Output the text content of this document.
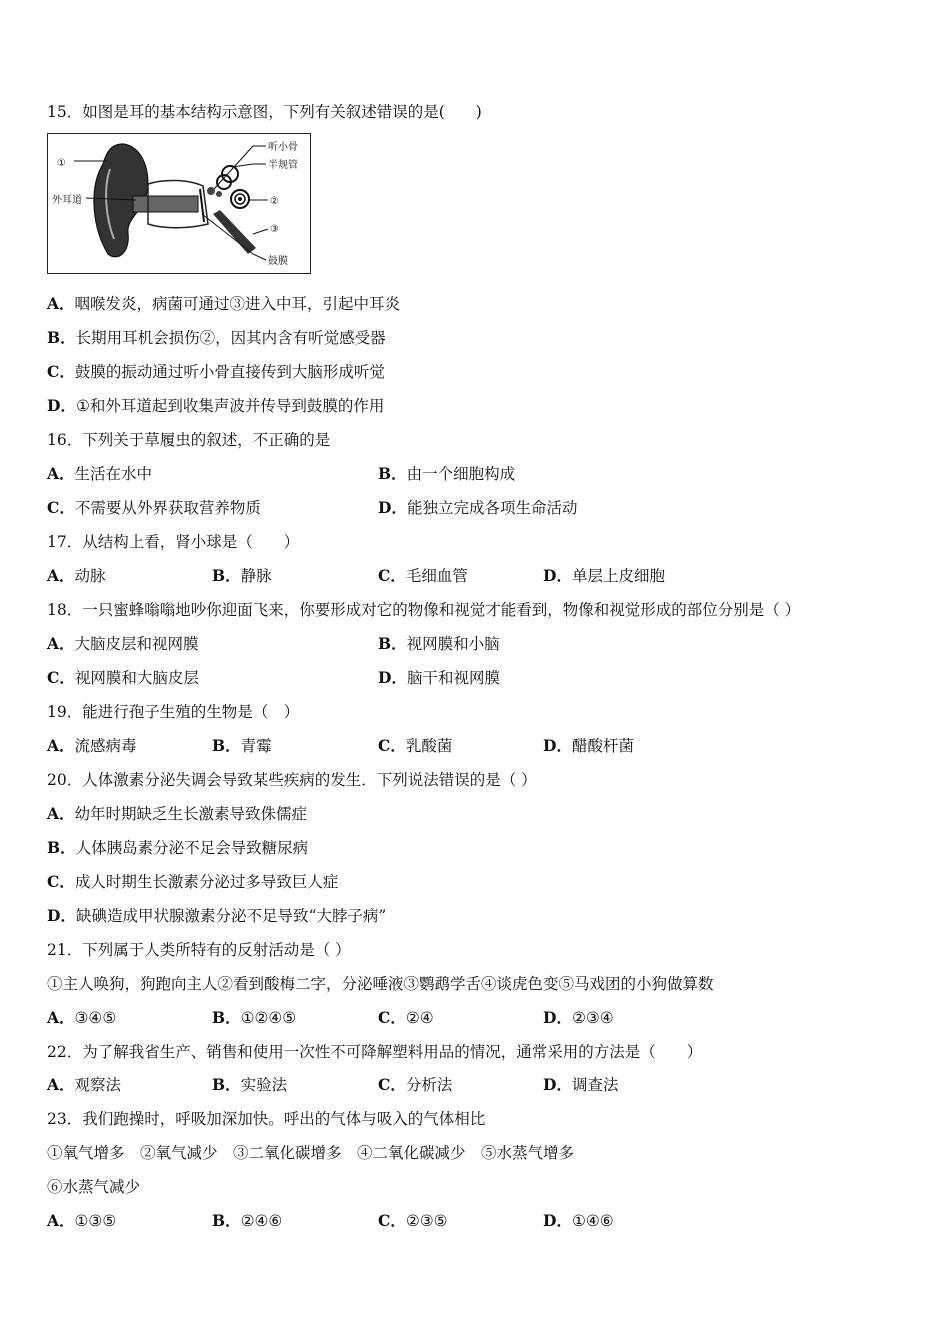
15．如图是耳的基本结构示意图，下列有关叙述错误的是(　　)
①
外耳道
听小骨
半规管
②
③
鼓膜
A．咽喉发炎，病菌可通过③进入中耳，引起中耳炎
B．长期用耳机会损伤②，因其内含有听觉感受器
C．鼓膜的振动通过听小骨直接传到大脑形成听觉
D．①和外耳道起到收集声波并传导到鼓膜的作用
16．下列关于草履虫的叙述，不正确的是
A．生活在水中	B．由一个细胞构成
C．不需要从外界获取营养物质	D．能独立完成各项生命活动
17．从结构上看，肾小球是（　　）
A．动脉	B．静脉	C．毛细血管	D．单层上皮细胞
18．一只蜜蜂嗡嗡地吵你迎面飞来，你要形成对它的物像和视觉才能看到，物像和视觉形成的部位分别是（ ）
A．大脑皮层和视网膜	B．视网膜和小脑
C．视网膜和大脑皮层	D．脑干和视网膜
19．能进行孢子生殖的生物是（　）
A．流感病毒	B．青霉	C．乳酸菌	D．醋酸杆菌
20．人体激素分泌失调会导致某些疾病的发生．下列说法错误的是（ ）
A．幼年时期缺乏生长激素导致侏儒症
B．人体胰岛素分泌不足会导致糖尿病
C．成人时期生长激素分泌过多导致巨人症
D．缺碘造成甲状腺激素分泌不足导致“大脖子病”
21．下列属于人类所特有的反射活动是（ ）
①主人唤狗，狗跑向主人②看到酸梅二字，分泌唾液③鹦鹉学舌④谈虎色变⑤马戏团的小狗做算数
A．③④⑤	B．①②④⑤	C．②④	D．②③④
22．为了解我省生产、销售和使用一次性不可降解塑料用品的情况，通常采用的方法是（　　）
A．观察法	B．实验法	C．分析法	D．调查法
23．我们跑操时，呼吸加深加快。呼出的气体与吸入的气体相比
①氧气增多　②氧气减少　③二氧化碳增多　④二氧化碳减少　⑤水蒸气增多
⑥水蒸气减少
A．①③⑤	B．②④⑥	C．②③⑤	D．①④⑥
